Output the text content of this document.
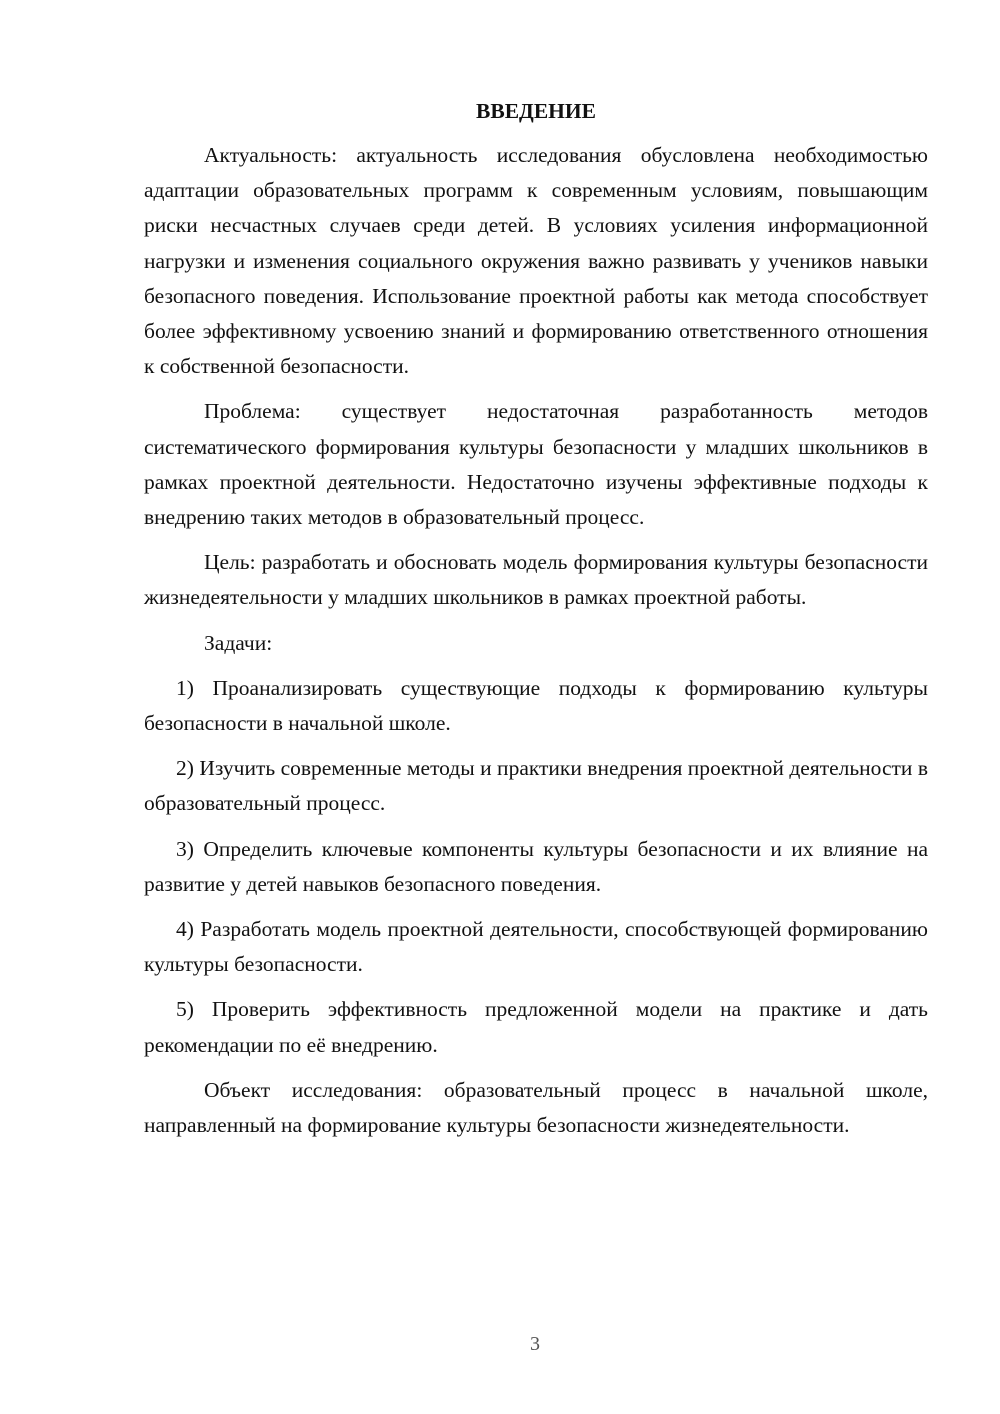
ВВЕДЕНИЕ

Актуальность: актуальность исследования обусловлена необходимостью адаптации образовательных программ к современным условиям, повышающим риски несчастных случаев среди детей. В условиях усиления информационной нагрузки и изменения социального окружения важно развивать у учеников навыки безопасного поведения. Использование проектной работы как метода способствует более эффективному усвоению знаний и формированию ответственного отношения к собственной безопасности.

Проблема: существует недостаточная разработанность методов систематического формирования культуры безопасности у младших школьников в рамках проектной деятельности. Недостаточно изучены эффективные подходы к внедрению таких методов в образовательный процесс.

Цель: разработать и обосновать модель формирования культуры безопасности жизнедеятельности у младших школьников в рамках проектной работы.

Задачи:

1) Проанализировать существующие подходы к формированию культуры безопасности в начальной школе.

2) Изучить современные методы и практики внедрения проектной деятельности в образовательный процесс.

3) Определить ключевые компоненты культуры безопасности и их влияние на развитие у детей навыков безопасного поведения.

4) Разработать модель проектной деятельности, способствующей формированию культуры безопасности.

5) Проверить эффективность предложенной модели на практике и дать рекомендации по её внедрению.

Объект исследования: образовательный процесс в начальной школе, направленный на формирование культуры безопасности жизнедеятельности.

3
